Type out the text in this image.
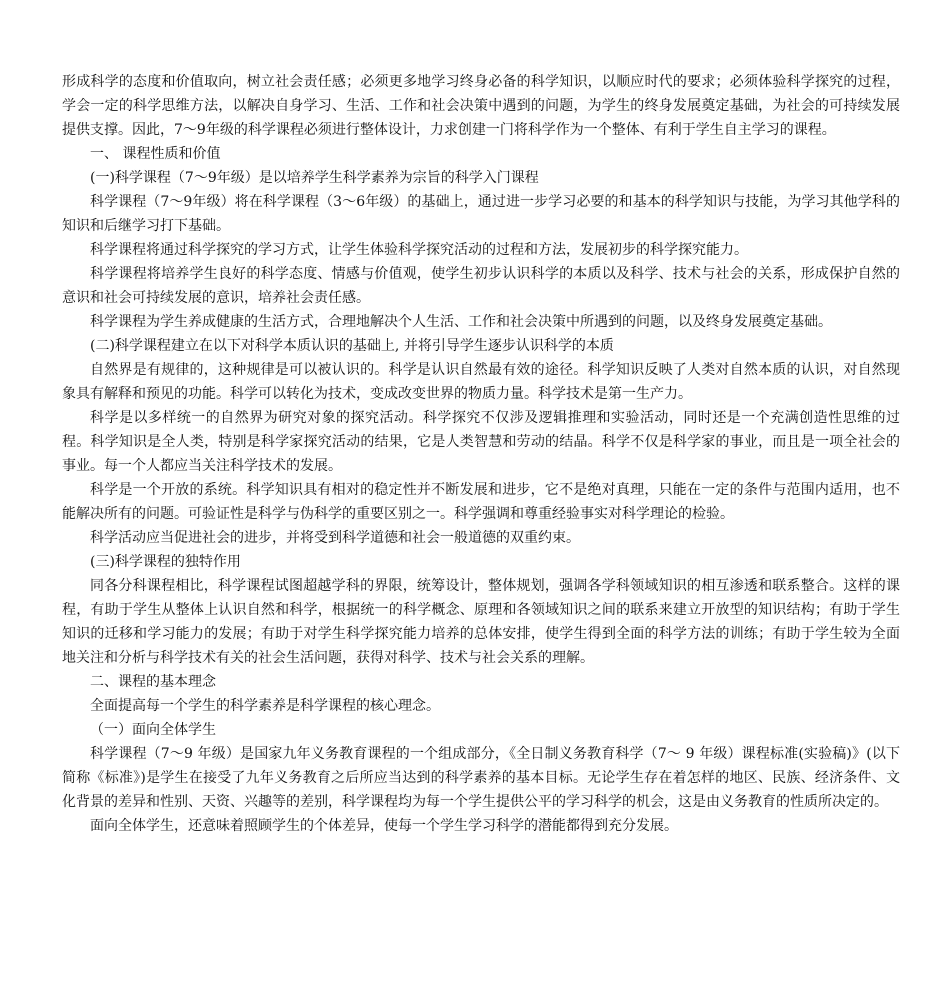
形成科学的态度和价值取向，树立社会责任感；必须更多地学习终身必备的科学知识，以顺应时代的要求；必须体验科学探究的过程，学会一定的科学思维方法，以解决自身学习、生活、工作和社会决策中遇到的问题，为学生的终身发展奠定基础，为社会的可持续发展提供支撑。因此，7～9年级的科学课程必须进行整体设计，力求创建一门将科学作为一个整体、有利于学生自主学习的课程。

一、 课程性质和价值

(一)科学课程（7～9年级）是以培养学生科学素养为宗旨的科学入门课程

科学课程（7～9年级）将在科学课程（3～6年级）的基础上，通过进一步学习必要的和基本的科学知识与技能，为学习其他学科的知识和后继学习打下基础。

科学课程将通过科学探究的学习方式，让学生体验科学探究活动的过程和方法，发展初步的科学探究能力。

科学课程将培养学生良好的科学态度、情感与价值观，使学生初步认识科学的本质以及科学、技术与社会的关系，形成保护自然的意识和社会可持续发展的意识，培养社会责任感。

科学课程为学生养成健康的生活方式，合理地解决个人生活、工作和社会决策中所遇到的问题，以及终身发展奠定基础。

(二)科学课程建立在以下对科学本质认识的基础上, 并将引导学生逐步认识科学的本质

自然界是有规律的，这种规律是可以被认识的。科学是认识自然最有效的途径。科学知识反映了人类对自然本质的认识，对自然现象具有解释和预见的功能。科学可以转化为技术，变成改变世界的物质力量。科学技术是第一生产力。

科学是以多样统一的自然界为研究对象的探究活动。科学探究不仅涉及逻辑推理和实验活动，同时还是一个充满创造性思维的过程。科学知识是全人类，特别是科学家探究活动的结果，它是人类智慧和劳动的结晶。科学不仅是科学家的事业，而且是一项全社会的事业。每一个人都应当关注科学技术的发展。

科学是一个开放的系统。科学知识具有相对的稳定性并不断发展和进步，它不是绝对真理，只能在一定的条件与范围内适用，也不能解决所有的问题。可验证性是科学与伪科学的重要区别之一。科学强调和尊重经验事实对科学理论的检验。

科学活动应当促进社会的进步，并将受到科学道德和社会一般道德的双重约束。

(三)科学课程的独特作用

同各分科课程相比，科学课程试图超越学科的界限，统筹设计，整体规划，强调各学科领域知识的相互渗透和联系整合。这样的课程，有助于学生从整体上认识自然和科学，根据统一的科学概念、原理和各领域知识之间的联系来建立开放型的知识结构；有助于学生知识的迁移和学习能力的发展；有助于对学生科学探究能力培养的总体安排，使学生得到全面的科学方法的训练；有助于学生较为全面地关注和分析与科学技术有关的社会生活问题，获得对科学、技术与社会关系的理解。

二、课程的基本理念

全面提高每一个学生的科学素养是科学课程的核心理念。

（一）面向全体学生

科学课程（7～9 年级）是国家九年义务教育课程的一个组成部分，《全日制义务教育科学（7～ 9 年级）课程标准(实验稿)》(以下简称《标准》)是学生在接受了九年义务教育之后所应当达到的科学素养的基本目标。无论学生存在着怎样的地区、民族、经济条件、文化背景的差异和性别、天资、兴趣等的差别，科学课程均为每一个学生提供公平的学习科学的机会，这是由义务教育的性质所决定的。

面向全体学生，还意味着照顾学生的个体差异，使每一个学生学习科学的潜能都得到充分发展。
